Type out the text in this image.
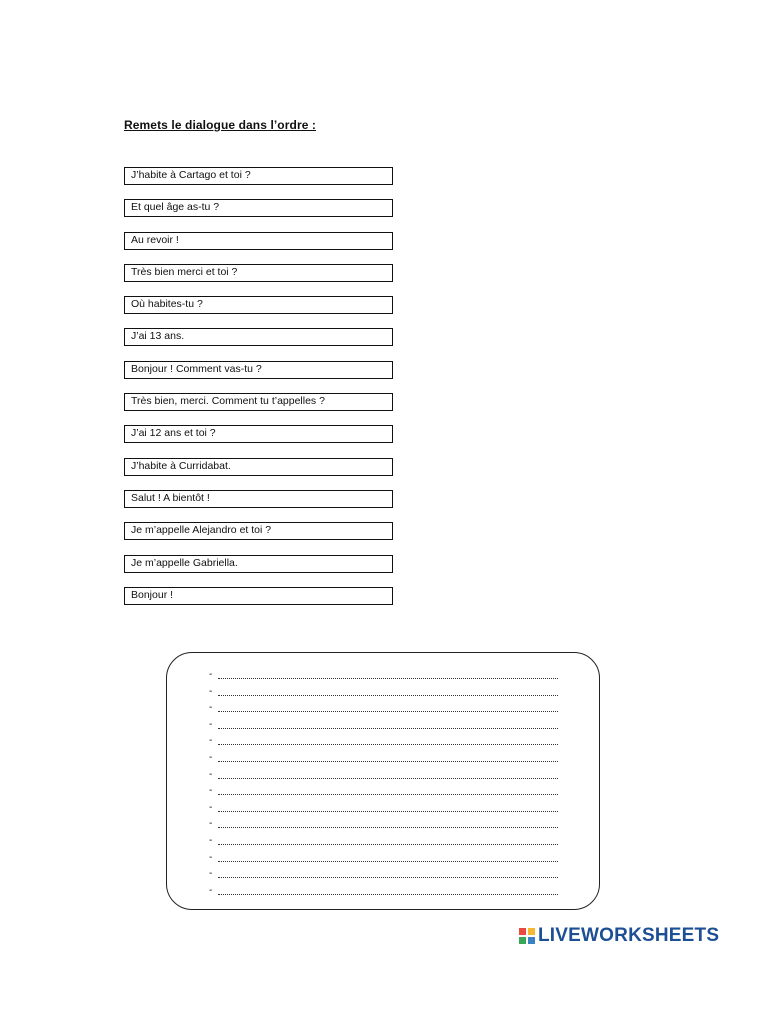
Remets le dialogue dans l’ordre :
J’habite à Cartago et toi ?
Et quel âge as-tu ?
Au revoir !
Très bien merci et toi ?
Où habites-tu ?
J’ai 13 ans.
Bonjour ! Comment vas-tu ?
Très bien, merci. Comment tu t’appelles ?
J’ai 12 ans et toi ?
J’habite à Curridabat.
Salut ! A bientôt !
Je m’appelle Alejandro et toi ?
Je m’appelle Gabriella.
Bonjour !
-
-
-
-
-
-
-
-
-
-
-
-
-
-
LIVEWORKSHEETS
